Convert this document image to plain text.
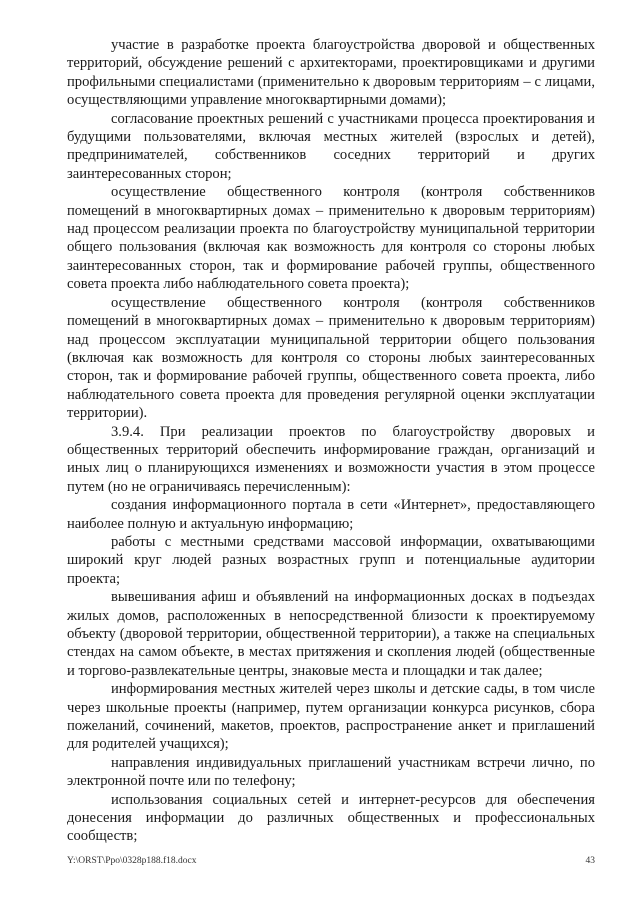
участие в разработке проекта благоустройства дворовой и общественных территорий, обсуждение решений с архитекторами, проектировщиками и другими профильными специалистами (применительно к дворовым территориям – с лицами, осуществляющими управление многоквартирными домами);

согласование проектных решений с участниками процесса проектирования и будущими пользователями, включая местных жителей (взрослых и детей), предпринимателей, собственников соседних территорий и других заинтересованных сторон;

осуществление общественного контроля (контроля собственников помещений в многоквартирных домах – применительно к дворовым территориям) над процессом реализации проекта по благоустройству муниципальной территории общего пользования (включая как возможность для контроля со стороны любых заинтересованных сторон, так и формирование рабочей группы, общественного совета проекта либо наблюдательного совета проекта);

осуществление общественного контроля (контроля собственников помещений в многоквартирных домах – применительно к дворовым территориям) над процессом эксплуатации муниципальной территории общего пользования (включая как возможность для контроля со стороны любых заинтересованных сторон, так и формирование рабочей группы, общественного совета проекта, либо наблюдательного совета проекта для проведения регулярной оценки эксплуатации территории).

3.9.4. При реализации проектов по благоустройству дворовых и общественных территорий обеспечить информирование граждан, организаций и иных лиц о планирующихся изменениях и возможности участия в этом процессе путем (но не ограничиваясь перечисленным):

создания информационного портала в сети «Интернет», предоставляющего наиболее полную и актуальную информацию;

работы с местными средствами массовой информации, охватывающими широкий круг людей разных возрастных групп и потенциальные аудитории проекта;

вывешивания афиш и объявлений на информационных досках в подъездах жилых домов, расположенных в непосредственной близости к проектируемому объекту (дворовой территории, общественной территории), а также на специальных стендах на самом объекте, в местах притяжения и скопления людей (общественные и торгово-развлекательные центры, знаковые места и площадки и так далее;

информирования местных жителей через школы и детские сады, в том числе через школьные проекты (например, путем организации конкурса рисунков, сбора пожеланий, сочинений, макетов, проектов, распространение анкет и приглашений для родителей учащихся);

направления индивидуальных приглашений участникам встречи лично, по электронной почте или по телефону;

использования социальных сетей и интернет-ресурсов для обеспечения донесения информации до различных общественных и профессиональных сообществ;

Y:\ORST\Ppo\0328p188.f18.docx	43
